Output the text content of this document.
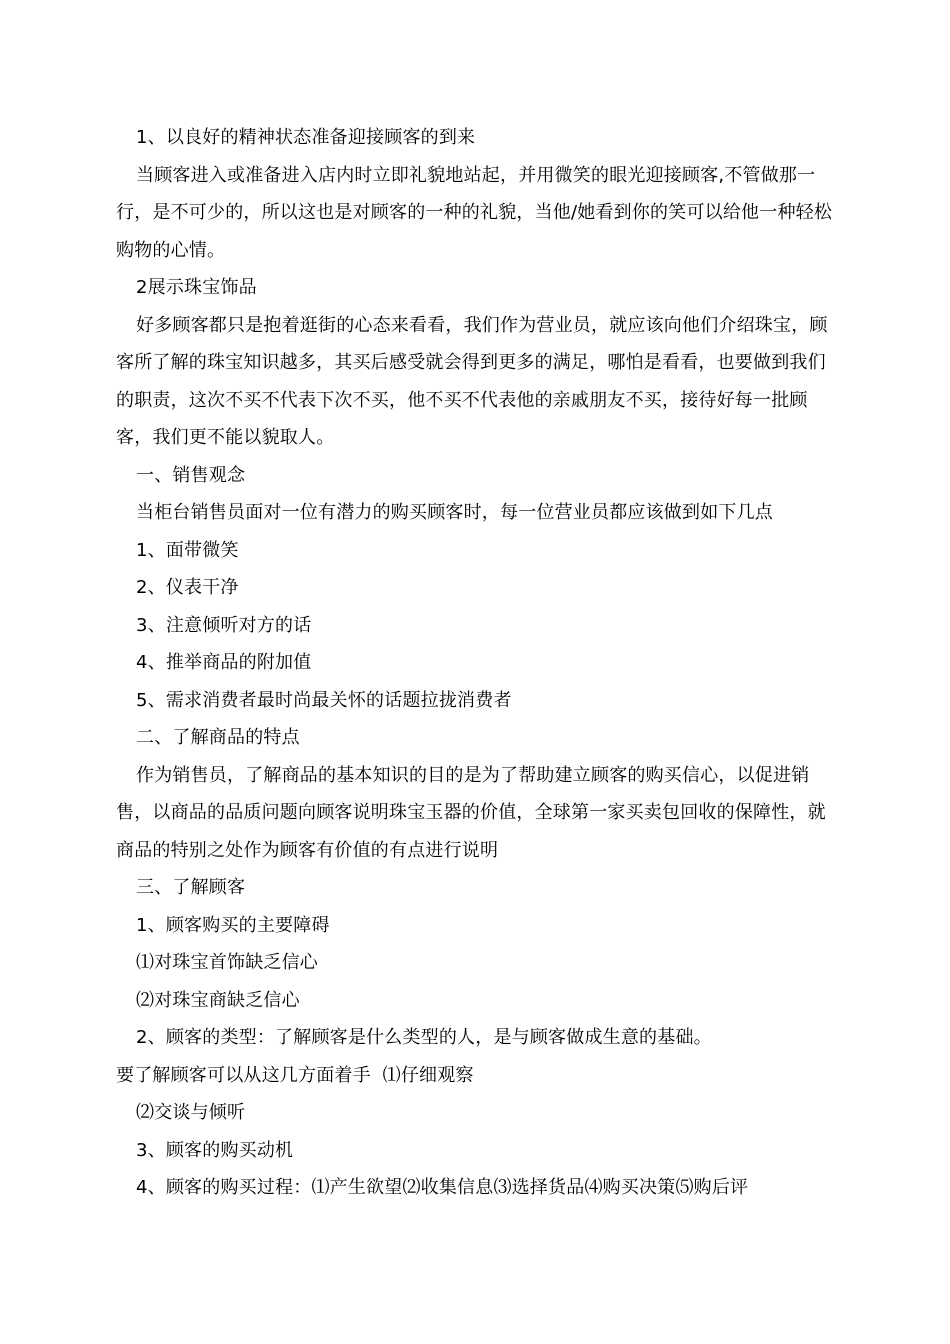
1、以良好的精神状态准备迎接顾客的到来

当顾客进入或准备进入店内时立即礼貌地站起，并用微笑的眼光迎接顾客,不管做那一行，是不可少的，所以这也是对顾客的一种的礼貌，当他/她看到你的笑可以给他一种轻松购物的心情。

2展示珠宝饰品

好多顾客都只是抱着逛街的心态来看看，我们作为营业员，就应该向他们介绍珠宝，顾客所了解的珠宝知识越多，其买后感受就会得到更多的满足，哪怕是看看，也要做到我们的职责，这次不买不代表下次不买，他不买不代表他的亲戚朋友不买，接待好每一批顾客，我们更不能以貌取人。

一、销售观念

当柜台销售员面对一位有潜力的购买顾客时，每一位营业员都应该做到如下几点

1、面带微笑

2、仪表干净

3、注意倾听对方的话

4、推举商品的附加值

5、需求消费者最时尚最关怀的话题拉拢消费者

二、了解商品的特点

作为销售员，了解商品的基本知识的目的是为了帮助建立顾客的购买信心，以促进销售，以商品的品质问题向顾客说明珠宝玉器的价值，全球第一家买卖包回收的保障性，就商品的特别之处作为顾客有价值的有点进行说明

三、了解顾客

1、顾客购买的主要障碍

⑴对珠宝首饰缺乏信心

⑵对珠宝商缺乏信心

2、顾客的类型：了解顾客是什么类型的人，是与顾客做成生意的基础。

要了解顾客可以从这几方面着手  ⑴仔细观察

⑵交谈与倾听

3、顾客的购买动机

4、顾客的购买过程：⑴产生欲望⑵收集信息⑶选择货品⑷购买决策⑸购后评
